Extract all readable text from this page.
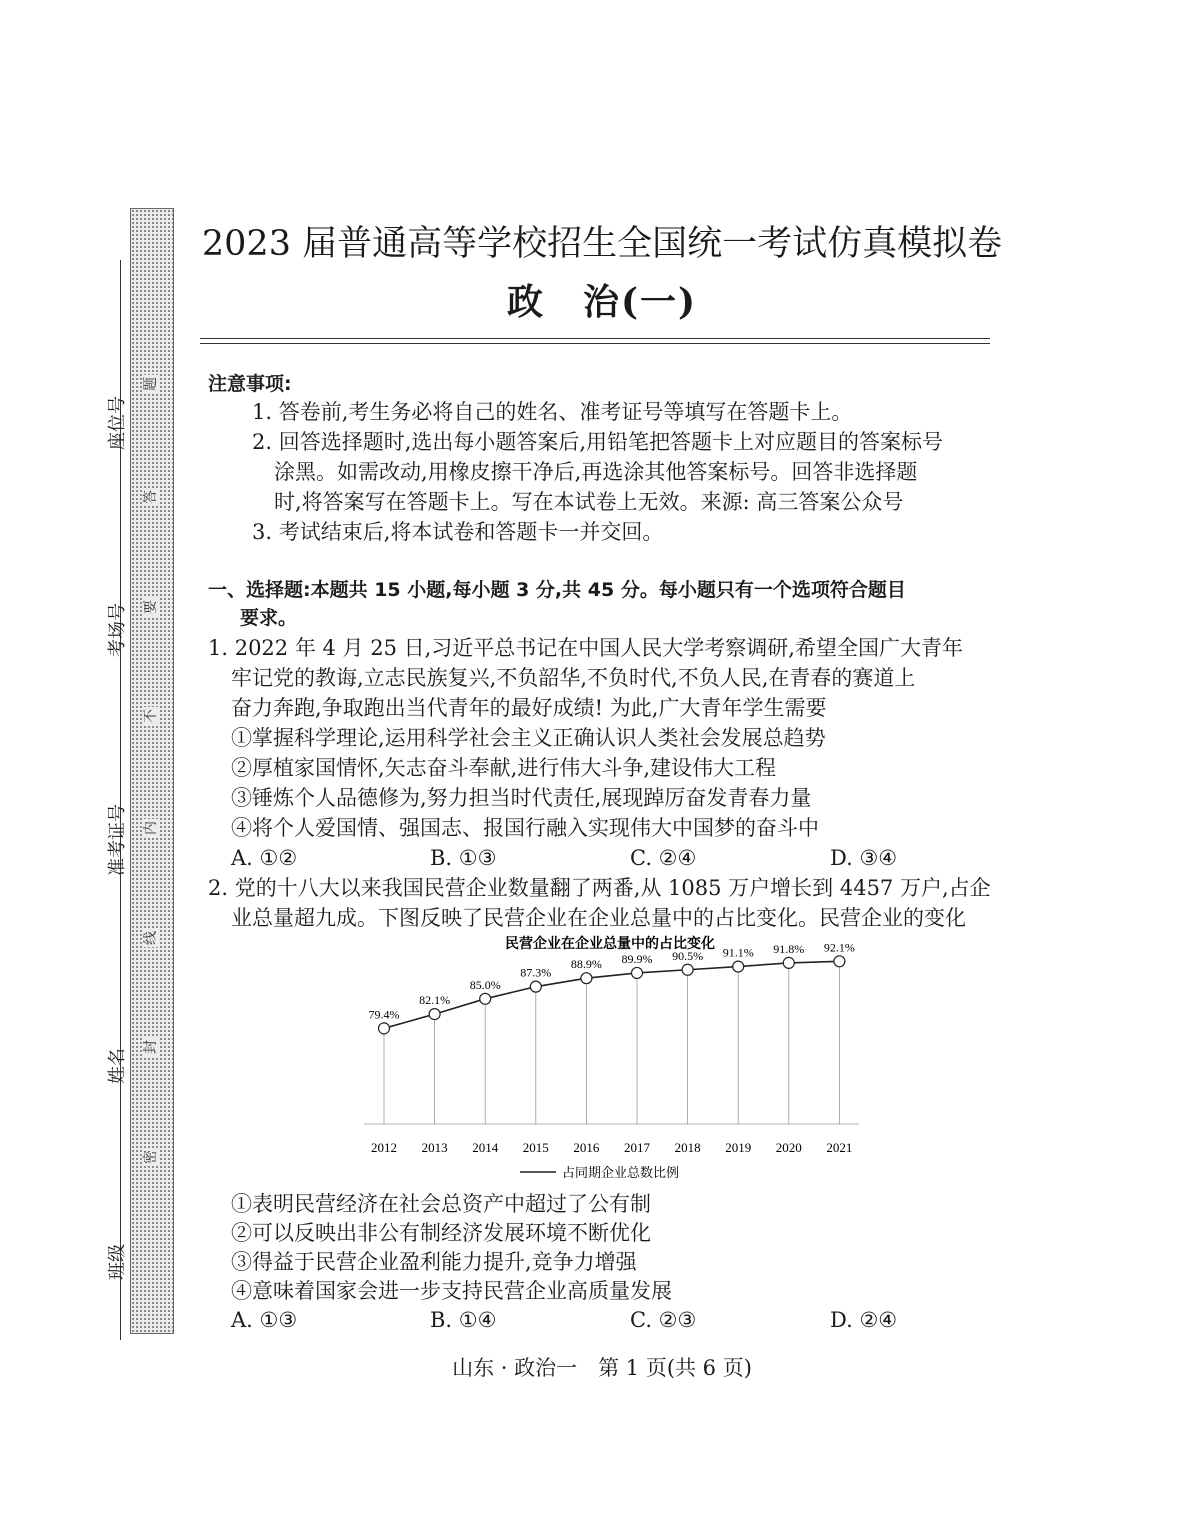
座位号
考场号
准考证号
姓名
班级
题
答
要
不
内
线
封
密
2023 届普通高等学校招生全国统一考试仿真模拟卷
政　治(一)
注意事项:
1. 答卷前,考生务必将自己的姓名、准考证号等填写在答题卡上。
2. 回答选择题时,选出每小题答案后,用铅笔把答题卡上对应题目的答案标号
涂黑。如需改动,用橡皮擦干净后,再选涂其他答案标号。回答非选择题
时,将答案写在答题卡上。写在本试卷上无效。来源: 高三答案公众号
3. 考试结束后,将本试卷和答题卡一并交回。
一、选择题:本题共 15 小题,每小题 3 分,共 45 分。每小题只有一个选项符合题目
要求。
1. 2022 年 4 月 25 日,习近平总书记在中国人民大学考察调研,希望全国广大青年
牢记党的教诲,立志民族复兴,不负韶华,不负时代,不负人民,在青春的赛道上
奋力奔跑,争取跑出当代青年的最好成绩! 为此,广大青年学生需要
①掌握科学理论,运用科学社会主义正确认识人类社会发展总趋势
②厚植家国情怀,矢志奋斗奉献,进行伟大斗争,建设伟大工程
③锤炼个人品德修为,努力担当时代责任,展现踔厉奋发青春力量
④将个人爱国情、强国志、报国行融入实现伟大中国梦的奋斗中
A. ①②	B. ①③	C. ②④	D. ③④
2. 党的十八大以来我国民营企业数量翻了两番,从 1085 万户增长到 4457 万户,占企
业总量超九成。下图反映了民营企业在企业总量中的占比变化。民营企业的变化
民营企业在企业总量中的占比变化
79.4%
2012
82.1%
2013
85.0%
2014
87.3%
2015
88.9%
2016
89.9%
2017
90.5%
2018
91.1%
2019
91.8%
2020
92.1%
2021
占同期企业总数比例
①表明民营经济在社会总资产中超过了公有制
②可以反映出非公有制经济发展环境不断优化
③得益于民营企业盈利能力提升,竞争力增强
④意味着国家会进一步支持民营企业高质量发展
A. ①③	B. ①④	C. ②③	D. ②④
山东 · 政治一　第 1 页(共 6 页)
